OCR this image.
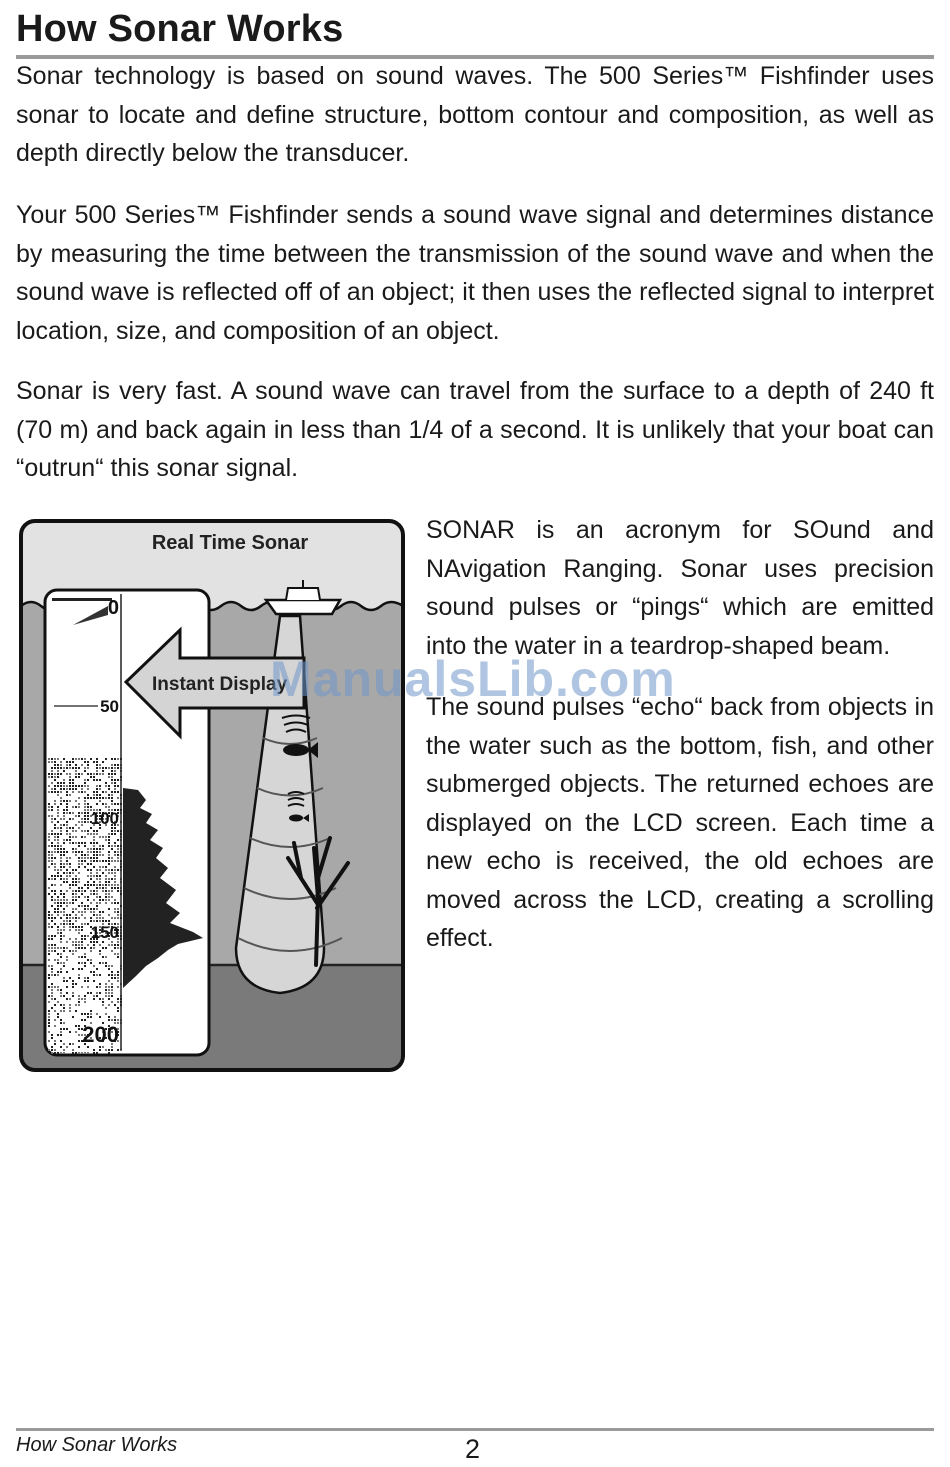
How Sonar Works

Sonar technology is based on sound waves. The 500 Series™ Fishfinder uses sonar to locate and define structure, bottom contour and composition, as well as depth directly below the transducer.

Your 500 Series™ Fishfinder sends a sound wave signal and determines distance by measuring the time between the transmission of the sound wave and when the sound wave is reflected off of an object; it then uses the reflected signal to interpret location, size, and composition of an object.

Sonar is very fast. A sound wave can travel from the surface to a depth of 240 ft (70 m) and back again in less than 1/4 of a second. It is unlikely that your boat can “outrun“ this sonar signal.

SONAR is an acronym for SOund and NAvigation Ranging. Sonar uses precision sound pulses or “pings“ which are emitted into the water in a teardrop-shaped beam.

The sound pulses “echo“ back from objects in the water such as the bottom, fish, and other submerged objects. The returned echoes are displayed on the LCD screen. Each time a new echo is received, the old echoes are moved across the LCD, creating a scrolling effect.

Real Time Sonar
0
50
100
150
200
Instant Display
ManualsLib.com
How Sonar Works	2
